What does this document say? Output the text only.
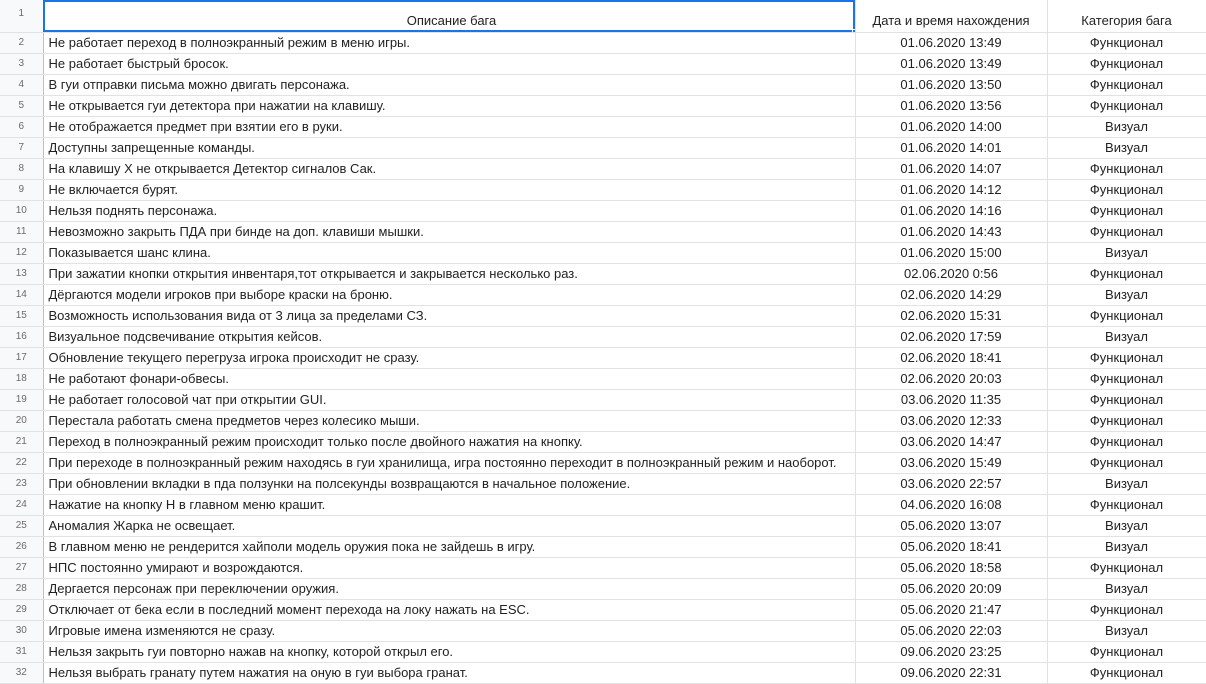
1	Описание бага	Дата и время нахождения	Категория бага	
2	Не работает переход в полноэкранный режим в меню игры.	01.06.2020 13:49	Функционал	
3	Не работает быстрый бросок.	01.06.2020 13:49	Функционал	
4	В гуи отправки письма можно двигать персонажа.	01.06.2020 13:50	Функционал	
5	Не открывается гуи детектора при нажатии на клавишу.	01.06.2020 13:56	Функционал	
6	Не отображается предмет при взятии его в руки.	01.06.2020 14:00	Визуал	
7	Доступны запрещенные команды.	01.06.2020 14:01	Визуал	
8	На клавишу Х не открывается Детектор сигналов Сак.	01.06.2020 14:07	Функционал	
9	Не включается бурят.	01.06.2020 14:12	Функционал	
10	Нельзя поднять персонажа.	01.06.2020 14:16	Функционал	
11	Невозможно закрыть ПДА при бинде на доп. клавиши мышки.	01.06.2020 14:43	Функционал	
12	Показывается шанс клина.	01.06.2020 15:00	Визуал	
13	При зажатии кнопки открытия инвентаря,тот открывается и закрывается несколько раз.	02.06.2020 0:56	Функционал	
14	Дёргаются модели игроков при выборе краски на броню.	02.06.2020 14:29	Визуал	
15	Возможность использования вида от 3 лица за пределами СЗ.	02.06.2020 15:31	Функционал	
16	Визуальное подсвечивание открытия кейсов.	02.06.2020 17:59	Визуал	
17	Обновление текущего перегруза игрока происходит не сразу.	02.06.2020 18:41	Функционал	
18	Не работают фонари-обвесы.	02.06.2020 20:03	Функционал	
19	Не работает голосовой чат при открытии GUI.	03.06.2020 11:35	Функционал	
20	Перестала работать смена предметов через колесико мыши.	03.06.2020 12:33	Функционал	
21	Переход в полноэкранный режим происходит только после двойного нажатия на кнопку.	03.06.2020 14:47	Функционал	
22	При переходе в полноэкранный режим находясь в гуи хранилища, игра постоянно переходит в полноэкранный режим и наоборот.	03.06.2020 15:49	Функционал	
23	При обновлении вкладки в пда ползунки на полсекунды возвращаются в начальное положение.	03.06.2020 22:57	Визуал	
24	Нажатие на кнопку Н в главном меню крашит.	04.06.2020 16:08	Функционал	
25	Аномалия Жарка не освещает.	05.06.2020 13:07	Визуал	
26	В главном меню не рендерится хайполи модель оружия пока не зайдешь в игру.	05.06.2020 18:41	Визуал	
27	НПС постоянно умирают и возрождаются.	05.06.2020 18:58	Функционал	
28	Дергается персонаж при переключении оружия.	05.06.2020 20:09	Визуал	
29	Отключает от бека если в последний момент перехода на локу нажать на ESC.	05.06.2020 21:47	Функционал	
30	Игровые имена изменяются не сразу.	05.06.2020 22:03	Визуал	
31	Нельзя закрыть гуи повторно нажав на кнопку, которой открыл его.	09.06.2020 23:25	Функционал	
32	Нельзя выбрать гранату путем нажатия на оную в гуи выбора гранат.	09.06.2020 22:31	Функционал	
